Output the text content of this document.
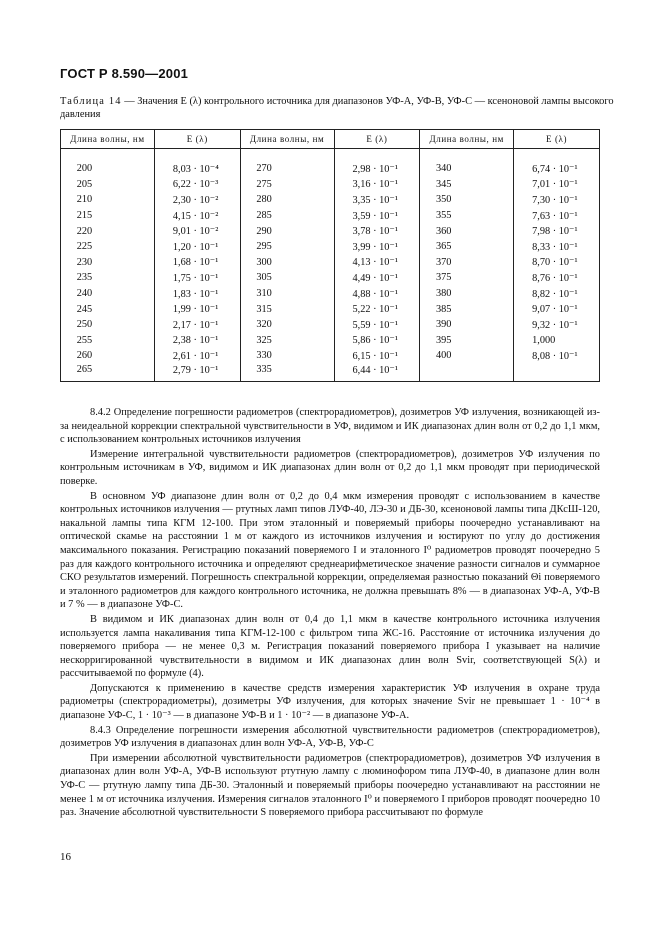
ГОСТ Р 8.590—2001
Таблица 14 — Значения E (λ) контрольного источника для диапазонов УФ-А, УФ-В, УФ-С — ксеноновой лампы высокого давления
Длина волны, нм	E (λ)	Длина волны, нм	E (λ)	Длина волны, нм	E (λ)

200	8,03 · 10⁻⁴	270	2,98 · 10⁻¹	340	6,74 · 10⁻¹
205	6,22 · 10⁻³	275	3,16 · 10⁻¹	345	7,01 · 10⁻¹
210	2,30 · 10⁻²	280	3,35 · 10⁻¹	350	7,30 · 10⁻¹
215	4,15 · 10⁻²	285	3,59 · 10⁻¹	355	7,63 · 10⁻¹
220	9,01 · 10⁻²	290	3,78 · 10⁻¹	360	7,98 · 10⁻¹
225	1,20 · 10⁻¹	295	3,99 · 10⁻¹	365	8,33 · 10⁻¹
230	1,68 · 10⁻¹	300	4,13 · 10⁻¹	370	8,70 · 10⁻¹
235	1,75 · 10⁻¹	305	4,49 · 10⁻¹	375	8,76 · 10⁻¹
240	1,83 · 10⁻¹	310	4,88 · 10⁻¹	380	8,82 · 10⁻¹
245	1,99 · 10⁻¹	315	5,22 · 10⁻¹	385	9,07 · 10⁻¹
250	2,17 · 10⁻¹	320	5,59 · 10⁻¹	390	9,32 · 10⁻¹
255	2,38 · 10⁻¹	325	5,86 · 10⁻¹	395	1,000
260	2,61 · 10⁻¹	330	6,15 · 10⁻¹	400	8,08 · 10⁻¹
265	2,79 · 10⁻¹	335	6,44 · 10⁻¹		

8.4.2 Определение погрешности радиометров (спектрорадиометров), дозиметров УФ излучения, возникающей из-за неидеальной коррекции спектральной чувствительности в УФ, видимом и ИК диапазонах длин волн от 0,2 до 1,1 мкм, с использованием контрольных источников излучения

Измерение интегральной чувствительности радиометров (спектрорадиометров), дозиметров УФ излучения по контрольным источникам в УФ, видимом и ИК диапазонах длин волн от 0,2 до 1,1 мкм проводят при периодической поверке.

В основном УФ диапазоне длин волн от 0,2 до 0,4 мкм измерения проводят с использованием в качестве контрольных источников излучения — ртутных ламп типов ЛУФ-40, ЛЭ-30 и ДБ-30, ксеноновой лампы типа ДКсШ-120, накальной лампы типа КГМ 12-100. При этом эталонный и поверяемый приборы поочередно устанавливают на оптической скамье на расстоянии 1 м от каждого из источников излучения и юстируют по углу до достижения максимального показания. Регистрацию показаний поверяемого I и эталонного I⁰ радиометров проводят поочередно 5 раз для каждого контрольного источника и определяют среднеарифметическое значение разности сигналов и суммарное СКО результатов измерений. Погрешность спектральной коррекции, определяемая разностью показаний Θi поверяемого и эталонного радиометров для каждого контрольного источника, не должна превышать 8% — в диапазонах УФ-А, УФ-В и 7 % — в диапазоне УФ-С.

В видимом и ИК диапазонах длин волн от 0,4 до 1,1 мкм в качестве контрольного источника излучения используется лампа накаливания типа КГМ-12-100 с фильтром типа ЖС-16. Расстояние от источника излучения до поверяемого прибора — не менее 0,3 м. Регистрация показаний поверяемого прибора I указывает на наличие нескорригированной чувствительности в видимом и ИК диапазонах длин волн Svir, соответствующей S(λ) и рассчитываемой по формуле (4).

Допускаются к применению в качестве средств измерения характеристик УФ излучения в охране труда радиометры (спектрорадиометры), дозиметры УФ излучения, для которых значение Svir не превышает 1 · 10⁻⁴ в диапазоне УФ-С, 1 · 10⁻³ — в диапазоне УФ-В и 1 · 10⁻² — в диапазоне УФ-А.

8.4.3 Определение погрешности измерения абсолютной чувствительности радиометров (спектрорадиометров), дозиметров УФ излучения в диапазонах длин волн УФ-А, УФ-В, УФ-С

При измерении абсолютной чувствительности радиометров (спектрорадиометров), дозиметров УФ излучения в диапазонах длин волн УФ-А, УФ-В используют ртутную лампу с люминофором типа ЛУФ-40, в диапазоне длин волн УФ-С — ртутную лампу типа ДБ-30. Эталонный и поверяемый приборы поочередно устанавливают на расстоянии не менее 1 м от источника излучения. Измерения сигналов эталонного I⁰ и поверяемого I приборов проводят поочередно 10 раз. Значение абсолютной чувствительности S поверяемого прибора рассчитывают по формуле

16
